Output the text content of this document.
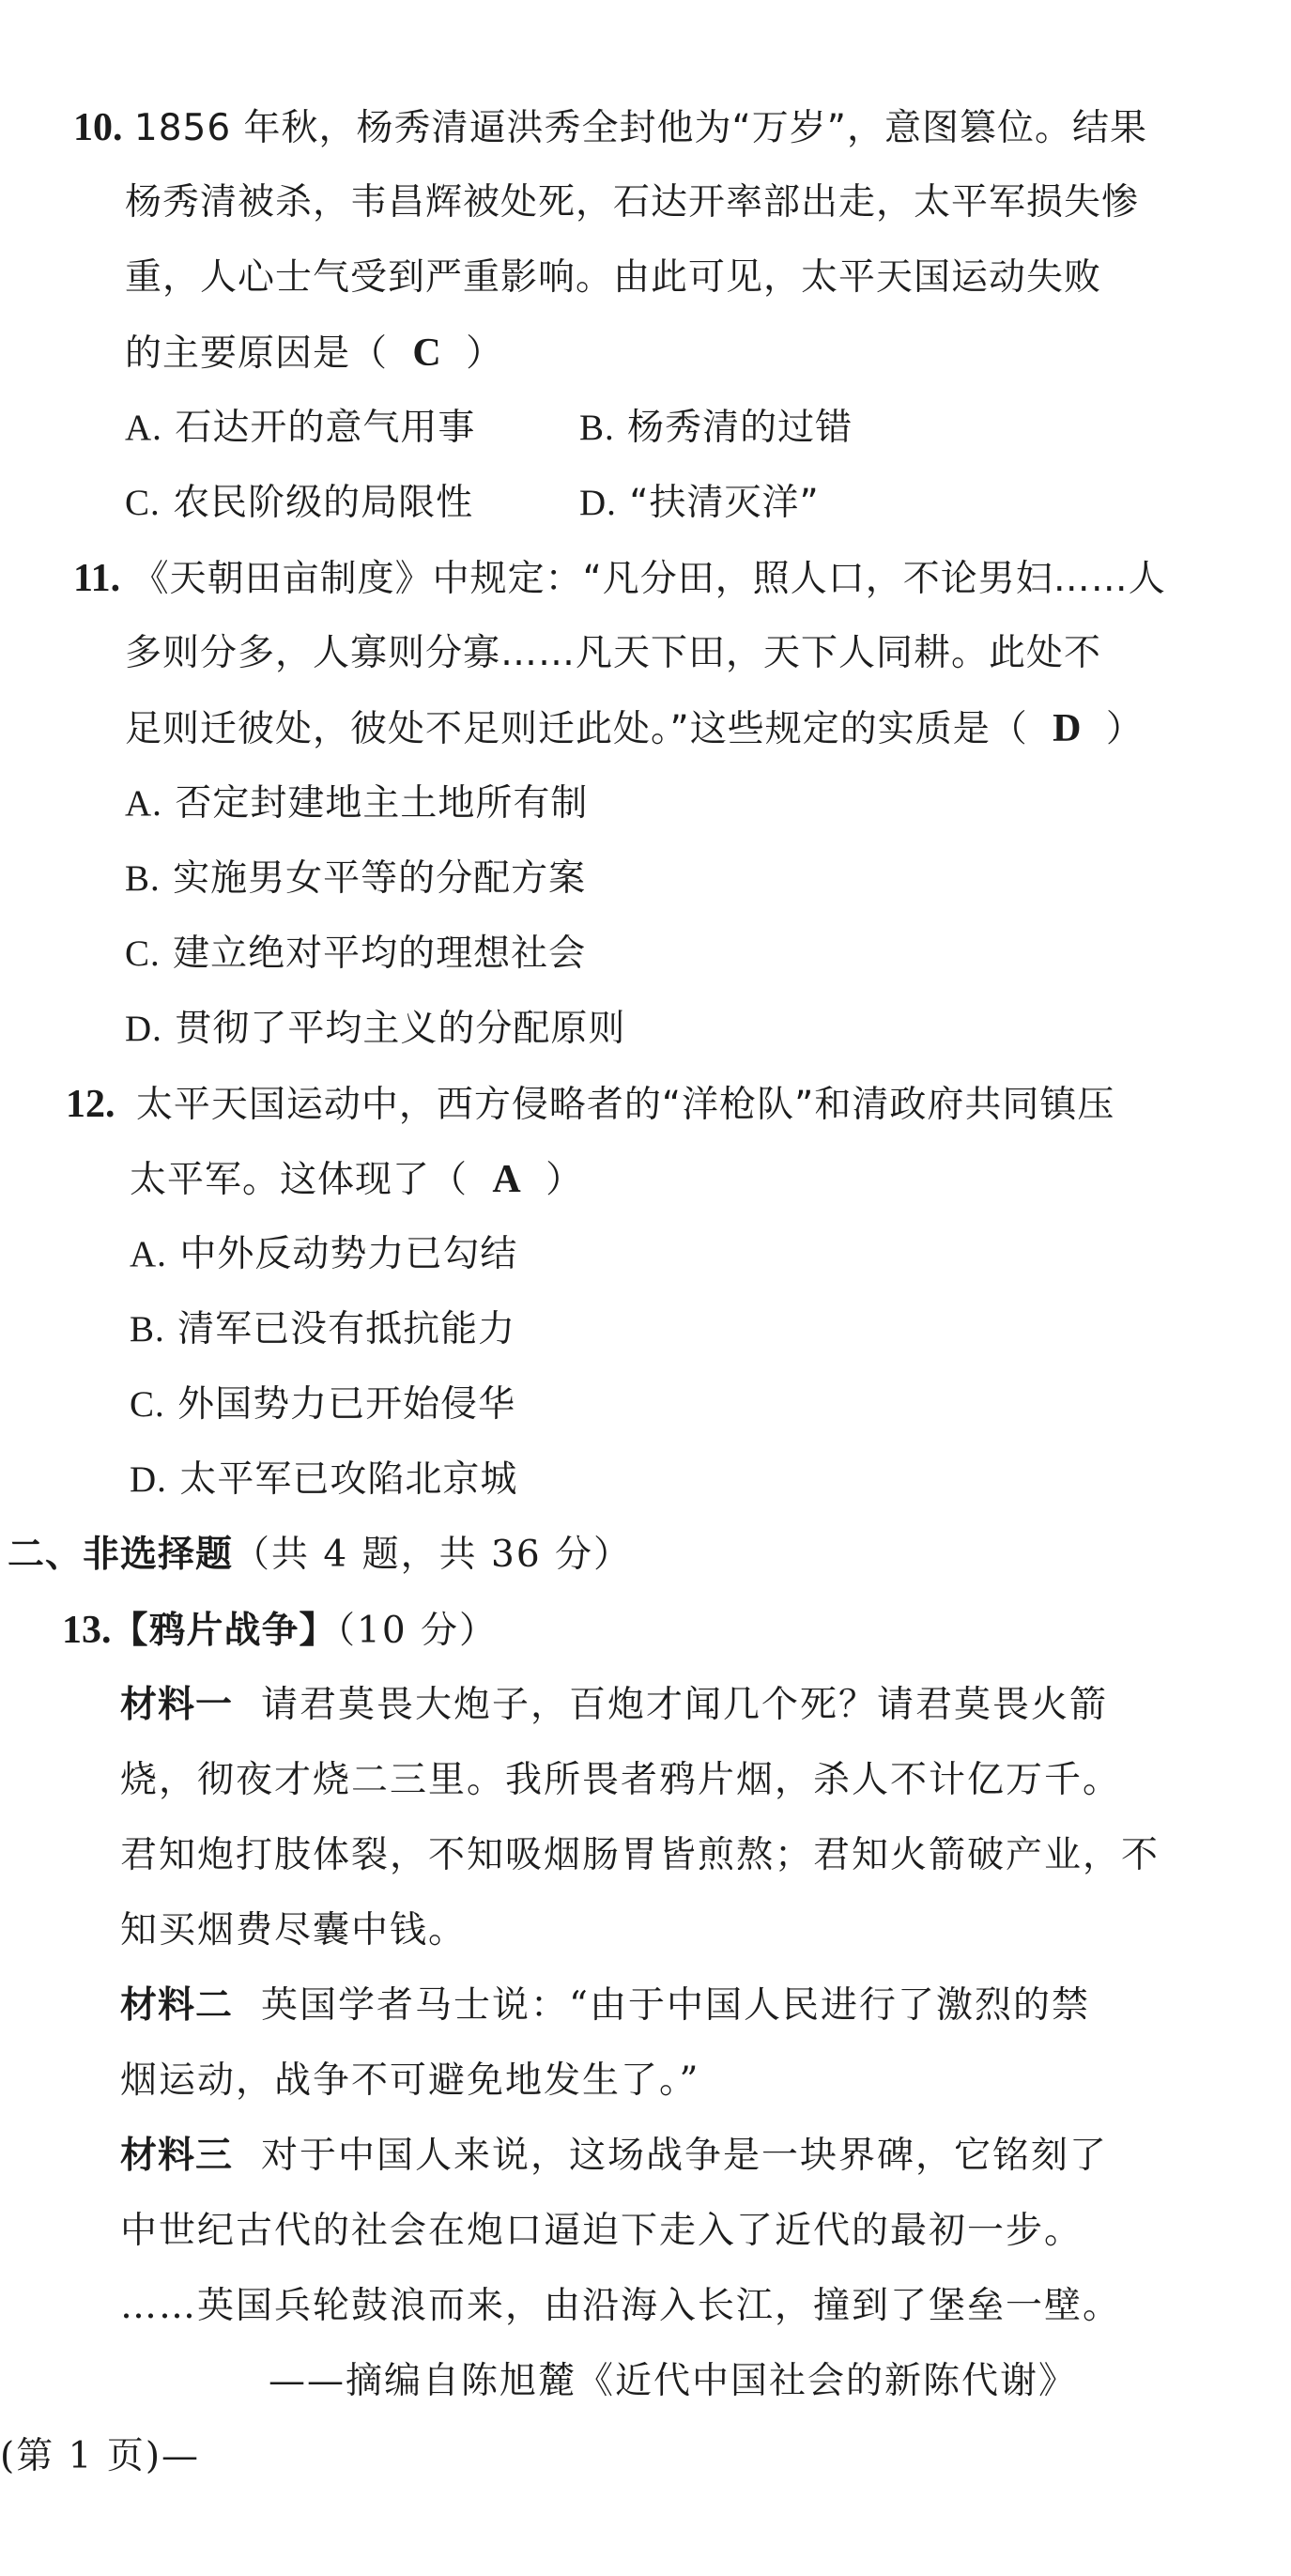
10. 1856 年秋，杨秀清逼洪秀全封他为“万岁”，意图篡位。结果
杨秀清被杀，韦昌辉被处死，石达开率部出走，太平军损失惨
重，人心士气受到严重影响。由此可见，太平天国运动失败
的主要原因是（ C ）
A. 石达开的意气用事	B. 杨秀清的过错
C. 农民阶级的局限性	D. “扶清灭洋”
11. 《天朝田亩制度》中规定：“凡分田，照人口，不论男妇……人
多则分多，人寡则分寡……凡天下田，天下人同耕。此处不
足则迁彼处，彼处不足则迁此处。”这些规定的实质是（ D ）
A. 否定封建地主土地所有制
B. 实施男女平等的分配方案
C. 建立绝对平均的理想社会
D. 贯彻了平均主义的分配原则
12. 太平天国运动中，西方侵略者的“洋枪队”和清政府共同镇压
太平军。这体现了（ A ）
A. 中外反动势力已勾结
B. 清军已没有抵抗能力
C. 外国势力已开始侵华
D. 太平军已攻陷北京城
二、非选择题（共 4 题，共 36 分）
13.【鸦片战争】（10 分）
材料一 请君莫畏大炮子，百炮才闻几个死？请君莫畏火箭
烧，彻夜才烧二三里。我所畏者鸦片烟，杀人不计亿万千。
君知炮打肢体裂，不知吸烟肠胃皆煎熬；君知火箭破产业，不
知买烟费尽囊中钱。
材料二 英国学者马士说：“由于中国人民进行了激烈的禁
烟运动，战争不可避免地发生了。”
材料三 对于中国人来说，这场战争是一块界碑，它铭刻了
中世纪古代的社会在炮口逼迫下走入了近代的最初一步。
……英国兵轮鼓浪而来，由沿海入长江，撞到了堡垒一壁。
——摘编自陈旭麓《近代中国社会的新陈代谢》
(第 1 页)—
